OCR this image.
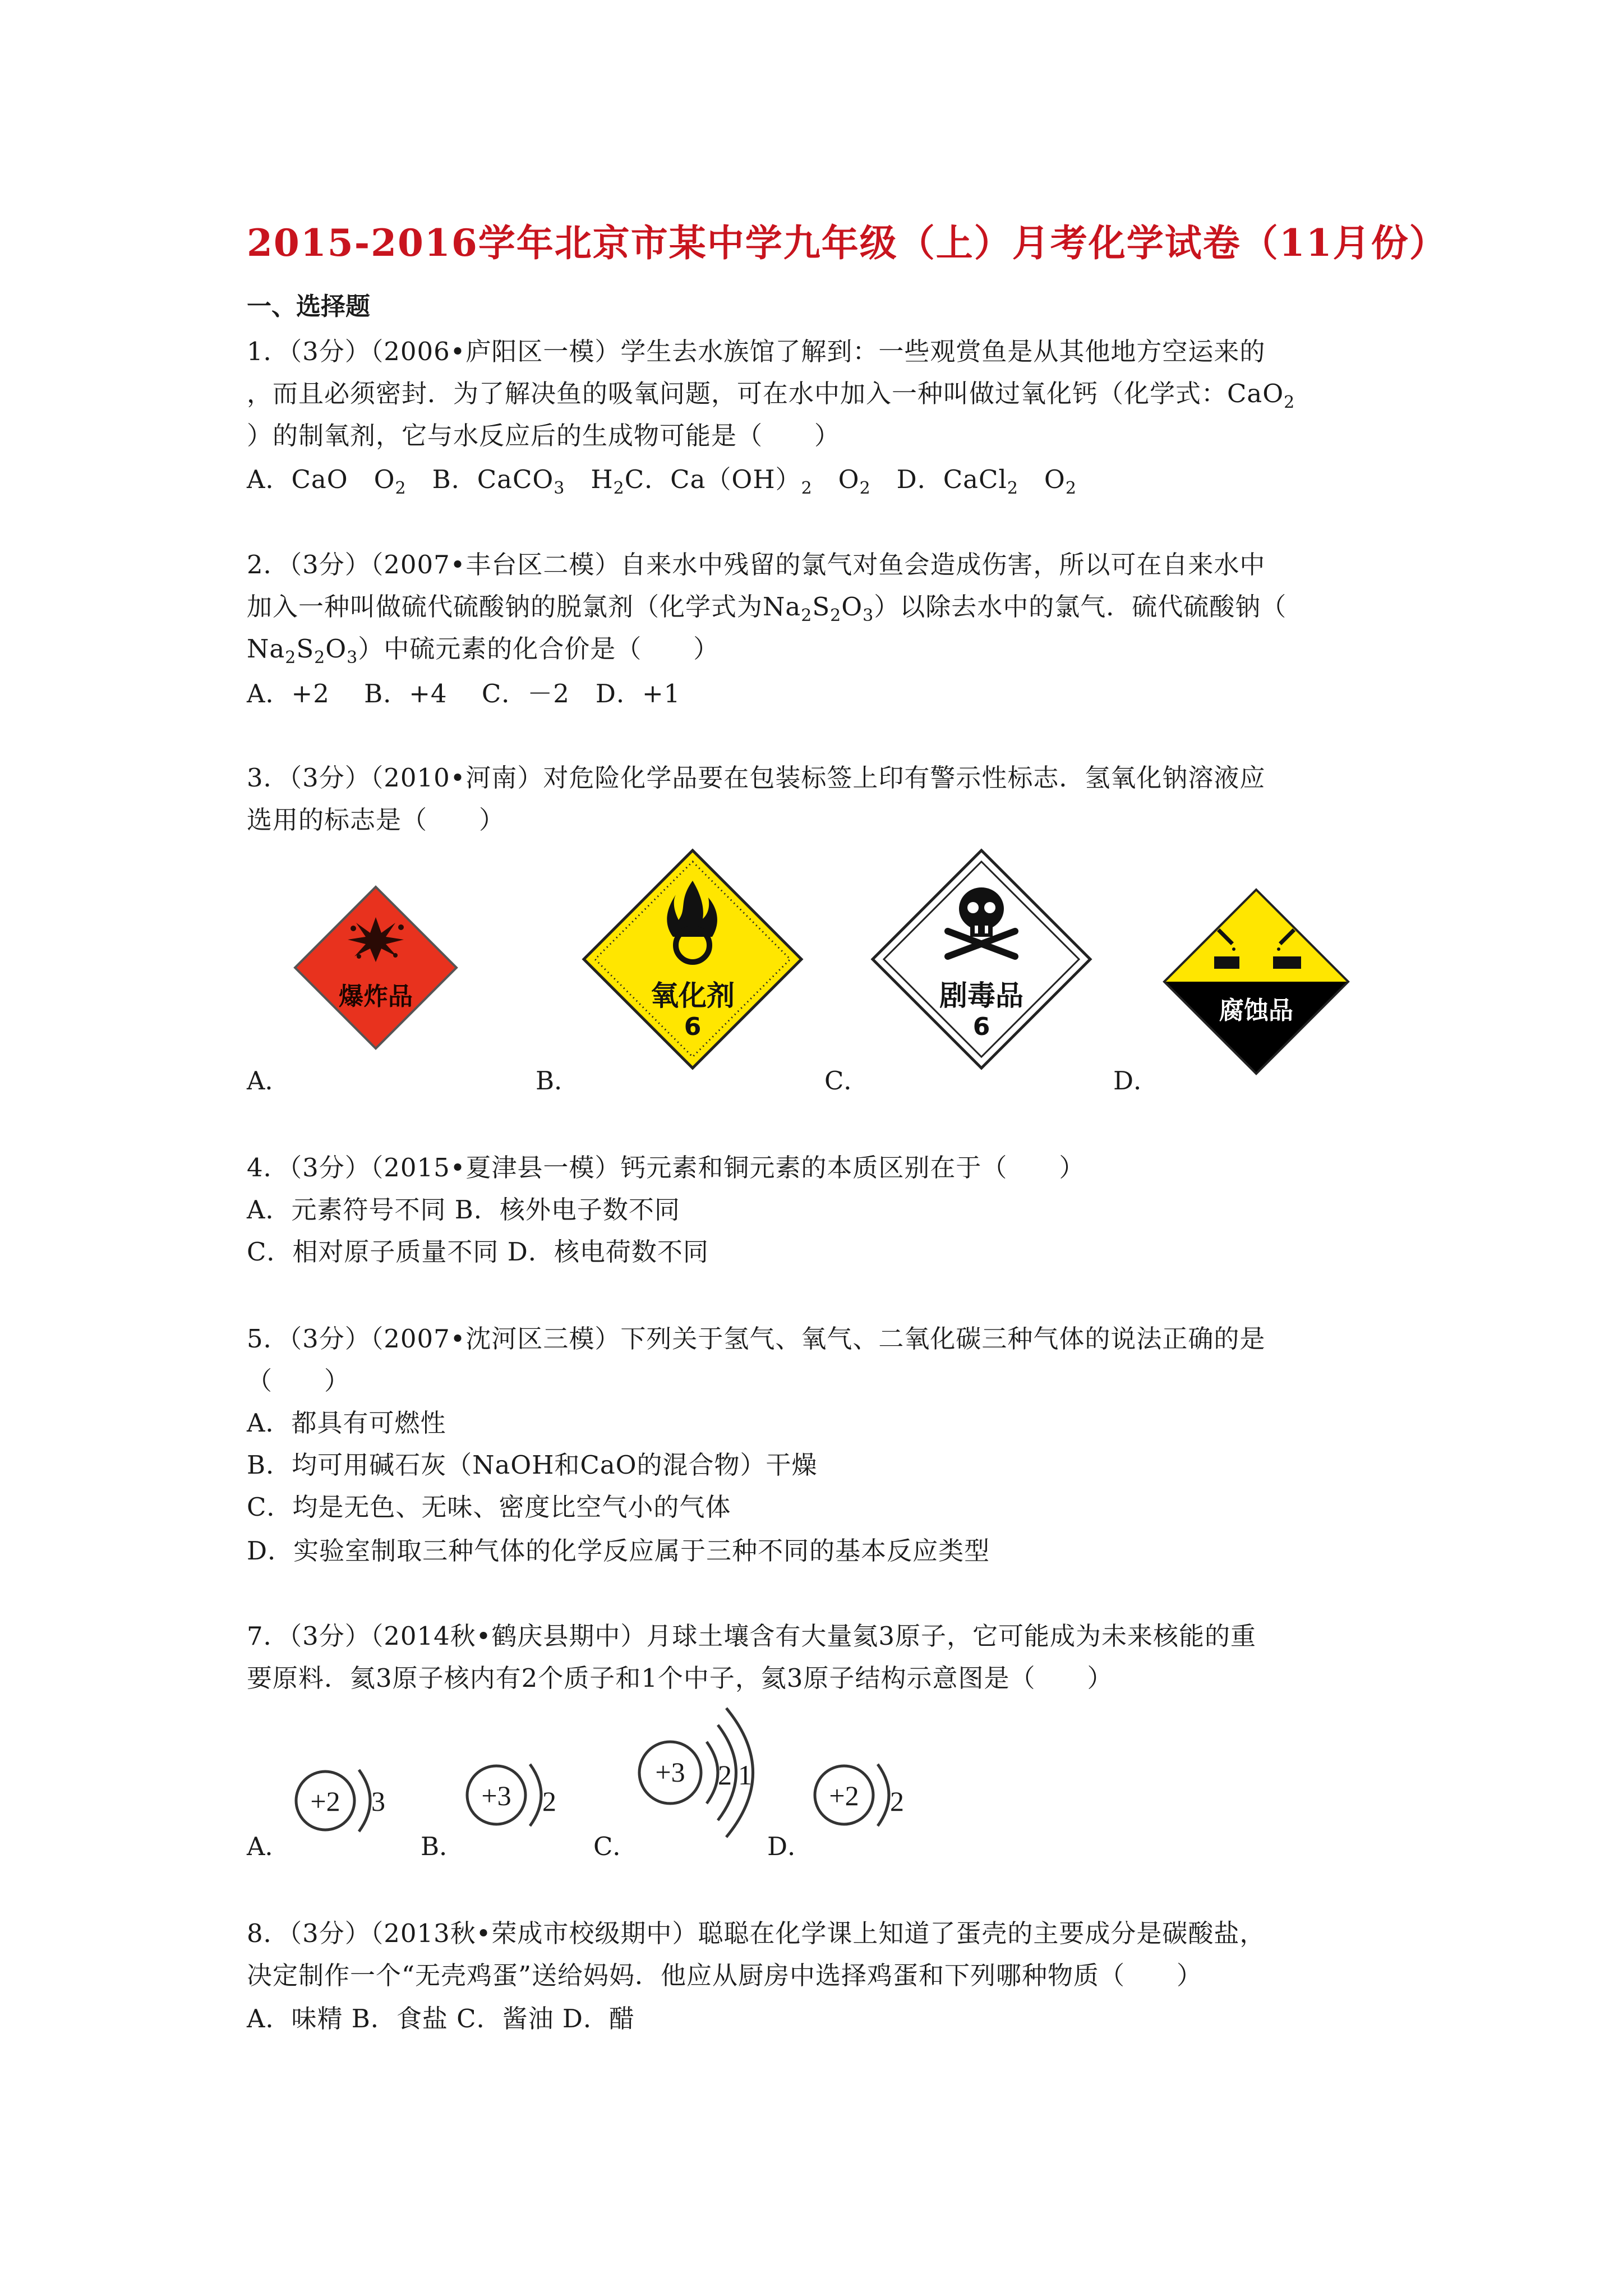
2015-2016学年北京市某中学九年级（上）月考化学试卷（11月份）
一、选择题
1．（3分）（2006•庐阳区一模）学生去水族馆了解到：一些观赏鱼是从其他地方空运来的
，而且必须密封．为了解决鱼的吸氧问题，可在水中加入一种叫做过氧化钙（化学式：CaO$_2$
）的制氧剂，它与水反应后的生成物可能是（　　）
A．CaO　$O_2$　B．CaCO$_3$　$H_2C$．$Ca(OH)_2$　$O_2$　D．CaCl$_2$　$O_2$
2．（3分）（2007•丰台区二模）自来水中残留的氯气对鱼会造成伤害，所以可在自来水中
加入一种叫做硫代硫酸钠的脱氯剂（化学式为$Na_2S_2O_3$）以除去水中的氯气．硫代硫酸钠（
$Na_2S_2O_3$）中硫元素的化合价是（　　）
A．+2　 B．+4　 C．－2　D．+1
3．（3分）（2010•河南）对危险化学品要在包装标签上印有警示性标志．氢氧化钠溶液应
选用的标志是（　　）
爆炸品	氧化剂
6
剧毒品
6
腐蚀品
A．	B．	C．	D．
4．（3分）（2015•夏津县一模）钙元素和铜元素的本质区别在于（　　）
A．元素符号不同 B．核外电子数不同
C．相对原子质量不同 D．核电荷数不同
5．（3分）（2007•沈河区三模）下列关于氢气、氧气、二氧化碳三种气体的说法正确的是
（　　）
A．都具有可燃性
B．均可用碱石灰（NaOH和CaO的混合物）干燥
C．均是无色、无味、密度比空气小的气体
D．实验室制取三种气体的化学反应属于三种不同的基本反应类型
7．（3分）（2014秋•鹤庆县期中）月球土壤含有大量氦3原子，它可能成为未来核能的重
要原料．氦3原子核内有2个质子和1个中子，氦3原子结构示意图是（　　）
+2	3	+3	2
+3	2 1
+2	2
A．	B．	C．	D．
8．（3分）（2013秋•荣成市校级期中）聪聪在化学课上知道了蛋壳的主要成分是碳酸盐，
决定制作一个“无壳鸡蛋”送给妈妈．他应从厨房中选择鸡蛋和下列哪种物质（　　）
A．味精 B．食盐 C．酱油 D．醋
